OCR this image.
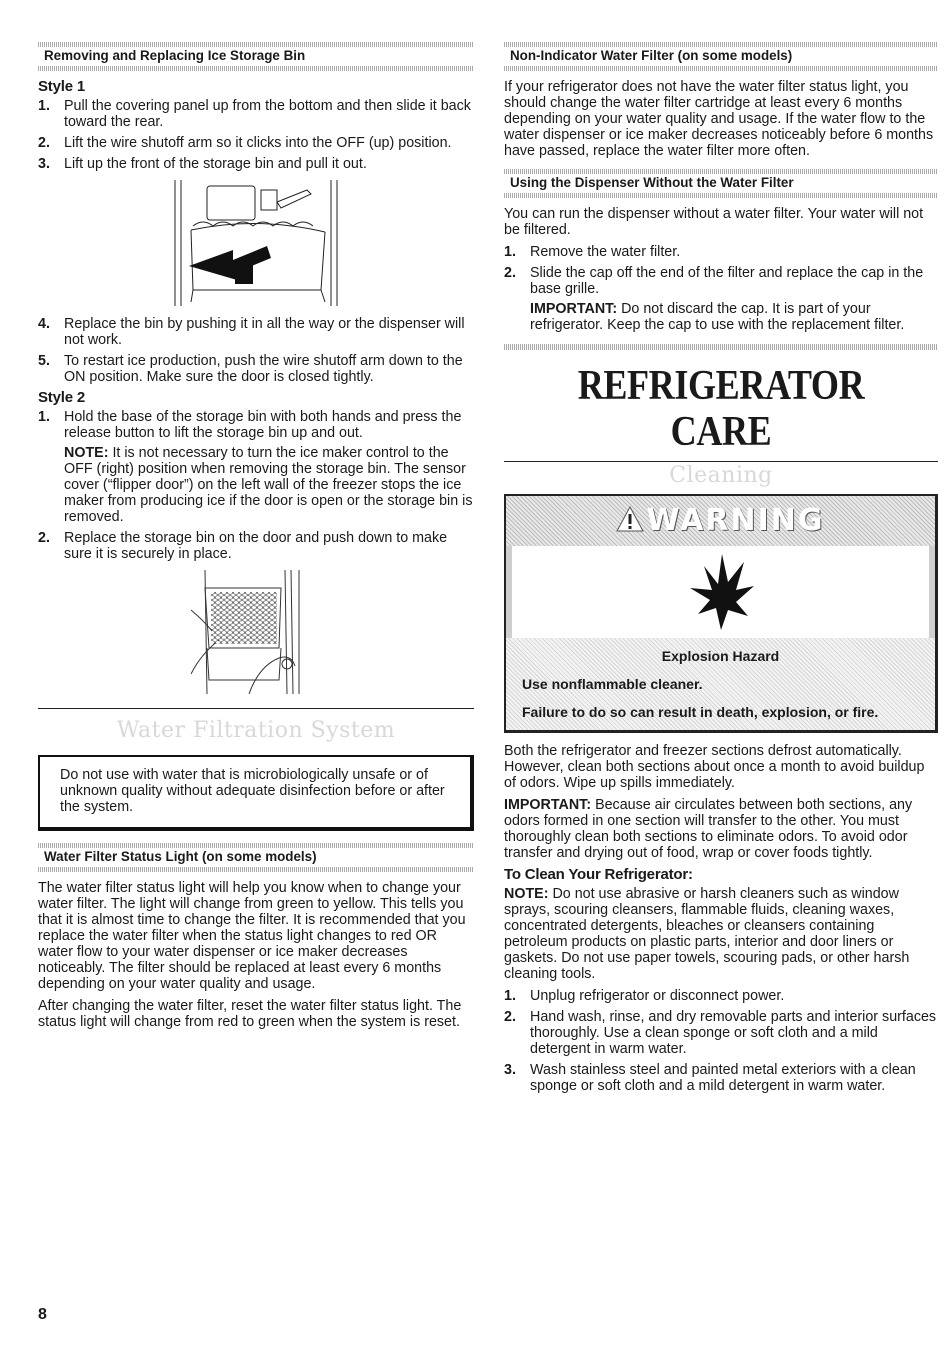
Removing and Replacing Ice Storage Bin
Style 1
1. Pull the covering panel up from the bottom and then slide it back toward the rear.
2. Lift the wire shutoff arm so it clicks into the OFF (up) position.
3. Lift up the front of the storage bin and pull it out.
4. Replace the bin by pushing it in all the way or the dispenser will not work.
5. To restart ice production, push the wire shutoff arm down to the ON position. Make sure the door is closed tightly.
Style 2
1. Hold the base of the storage bin with both hands and press the release button to lift the storage bin up and out.
NOTE: It is not necessary to turn the ice maker control to the OFF (right) position when removing the storage bin. The sensor cover (“flipper door”) on the left wall of the freezer stops the ice maker from producing ice if the door is open or the storage bin is removed.
2. Replace the storage bin on the door and push down to make sure it is securely in place.
Water Filtration System
Do not use with water that is microbiologically unsafe or of unknown quality without adequate disinfection before or after the system.
Water Filter Status Light (on some models)

The water filter status light will help you know when to change your water filter. The light will change from green to yellow. This tells you that it is almost time to change the filter. It is recommended that you replace the water filter when the status light changes to red OR water flow to your water dispenser or ice maker decreases noticeably. The filter should be replaced at least every 6 months depending on your water quality and usage.

After changing the water filter, reset the water filter status light. The status light will change from red to green when the system is reset.

Non-Indicator Water Filter (on some models)

If your refrigerator does not have the water filter status light, you should change the water filter cartridge at least every 6 months depending on your water quality and usage. If the water flow to the water dispenser or ice maker decreases noticeably before 6 months have passed, replace the water filter more often.

Using the Dispenser Without the Water Filter

You can run the dispenser without a water filter. Your water will not be filtered.

1. Remove the water filter.
2. Slide the cap off the end of the filter and replace the cap in the base grille.
IMPORTANT: Do not discard the cap. It is part of your refrigerator. Keep the cap to use with the replacement filter.
REFRIGERATOR CARE
Cleaning
WARNING
Explosion Hazard
Use nonflammable cleaner.
Failure to do so can result in death, explosion, or fire.

Both the refrigerator and freezer sections defrost automatically. However, clean both sections about once a month to avoid buildup of odors. Wipe up spills immediately.

IMPORTANT: Because air circulates between both sections, any odors formed in one section will transfer to the other. You must thoroughly clean both sections to eliminate odors. To avoid odor transfer and drying out of food, wrap or cover foods tightly.

To Clean Your Refrigerator:

NOTE: Do not use abrasive or harsh cleaners such as window sprays, scouring cleansers, flammable fluids, cleaning waxes, concentrated detergents, bleaches or cleansers containing petroleum products on plastic parts, interior and door liners or gaskets. Do not use paper towels, scouring pads, or other harsh cleaning tools.

1. Unplug refrigerator or disconnect power.
2. Hand wash, rinse, and dry removable parts and interior surfaces thoroughly. Use a clean sponge or soft cloth and a mild detergent in warm water.
3. Wash stainless steel and painted metal exteriors with a clean sponge or soft cloth and a mild detergent in warm water.
8
